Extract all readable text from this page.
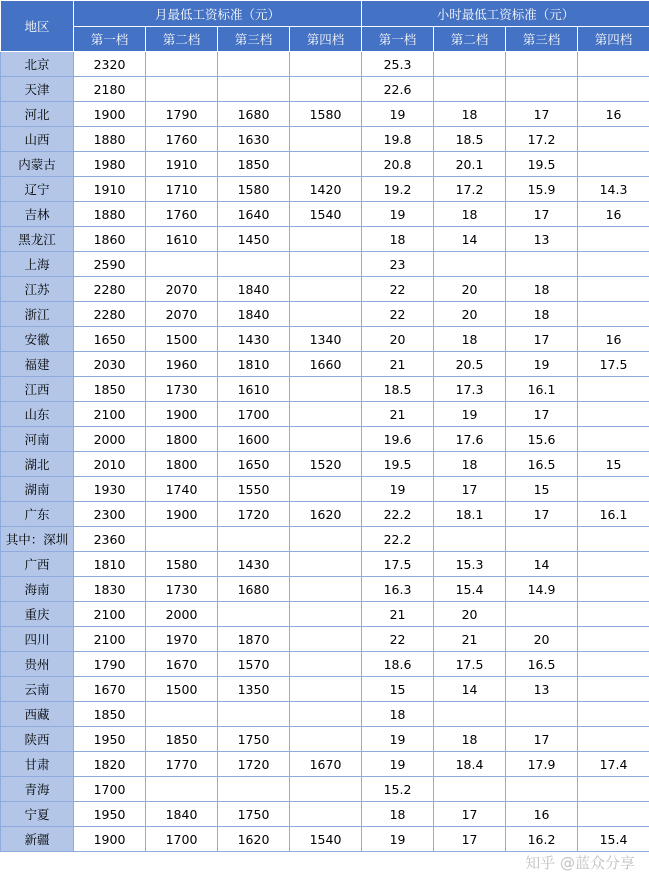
地区	月最低工资标准（元）				小时最低工资标准（元）			
	第一档	第二档	第三档	第四档	第一档	第二档	第三档	第四档
北京	2320				25.3			
天津	2180				22.6			
河北	1900	1790	1680	1580	19	18	17	16
山西	1880	1760	1630		19.8	18.5	17.2	
内蒙古	1980	1910	1850		20.8	20.1	19.5	
辽宁	1910	1710	1580	1420	19.2	17.2	15.9	14.3
吉林	1880	1760	1640	1540	19	18	17	16
黑龙江	1860	1610	1450		18	14	13	
上海	2590				23			
江苏	2280	2070	1840		22	20	18	
浙江	2280	2070	1840		22	20	18	
安徽	1650	1500	1430	1340	20	18	17	16
福建	2030	1960	1810	1660	21	20.5	19	17.5
江西	1850	1730	1610		18.5	17.3	16.1	
山东	2100	1900	1700		21	19	17	
河南	2000	1800	1600		19.6	17.6	15.6	
湖北	2010	1800	1650	1520	19.5	18	16.5	15
湖南	1930	1740	1550		19	17	15	
广东	2300	1900	1720	1620	22.2	18.1	17	16.1
其中：深圳	2360				22.2			
广西	1810	1580	1430		17.5	15.3	14	
海南	1830	1730	1680		16.3	15.4	14.9	
重庆	2100	2000			21	20		
四川	2100	1970	1870		22	21	20	
贵州	1790	1670	1570		18.6	17.5	16.5	
云南	1670	1500	1350		15	14	13	
西藏	1850				18			
陕西	1950	1850	1750		19	18	17	
甘肃	1820	1770	1720	1670	19	18.4	17.9	17.4
青海	1700				15.2			
宁夏	1950	1840	1750		18	17	16	
新疆	1900	1700	1620	1540	19	17	16.2	15.4
知乎 @蓝众分享
